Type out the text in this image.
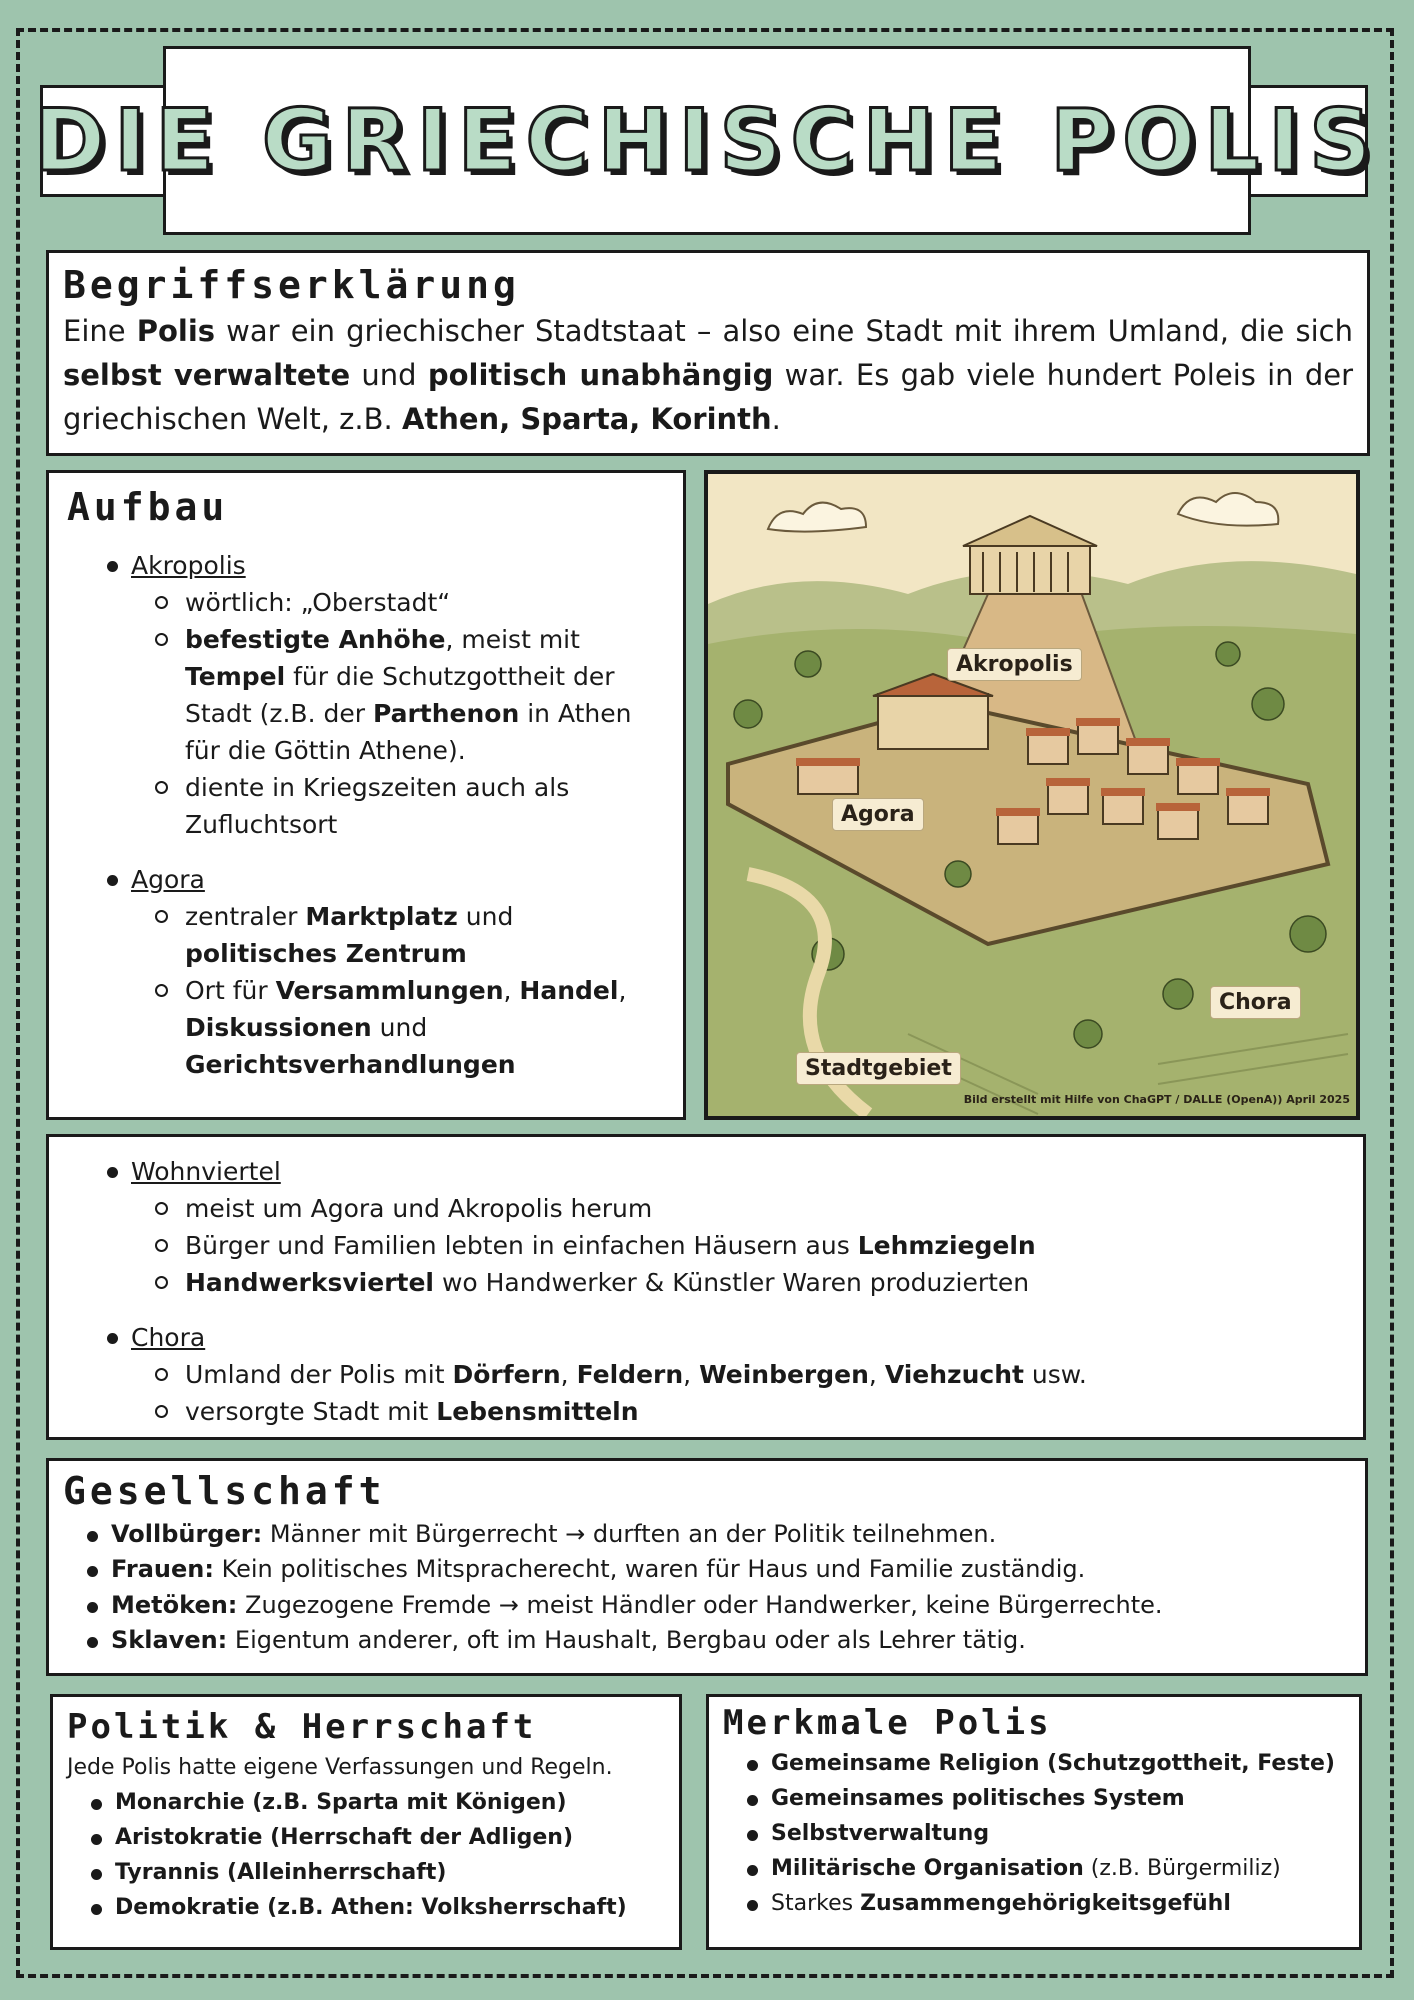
DIE GRIECHISCHE POLIS
Begriffserklärung

Eine Polis war ein griechischer Stadtstaat – also eine Stadt mit ihrem Umland, die sich selbst verwaltete und politisch unabhängig war. Es gab viele hundert Poleis in der griechischen Welt, z.B. Athen, Sparta, Korinth.

Aufbau
Akropolis
wörtlich: „Oberstadt“
befestigte Anhöhe, meist mit Tempel für die Schutzgottheit der Stadt (z.B. der Parthenon in Athen für die Göttin Athene).
diente in Kriegszeiten auch als Zufluchtsort
Agora
zentraler Marktplatz und politisches Zentrum
Ort für Versammlungen, Handel, Diskussionen und Gerichtsverhandlungen
Akropolis
Agora
Chora
Stadtgebiet
Bild erstellt mit Hilfe von ChaGPT / DALLE (OpenA)) April 2025
Wohnviertel
meist um Agora und Akropolis herum
Bürger und Familien lebten in einfachen Häusern aus Lehmziegeln
Handwerksviertel wo Handwerker & Künstler Waren produzierten
Chora
Umland der Polis mit Dörfern, Feldern, Weinbergen, Viehzucht usw.
versorgte Stadt mit Lebensmitteln
Gesellschaft
Vollbürger: Männer mit Bürgerrecht → durften an der Politik teilnehmen.
Frauen: Kein politisches Mitspracherecht, waren für Haus und Familie zuständig.
Metöken: Zugezogene Fremde → meist Händler oder Handwerker, keine Bürgerrechte.
Sklaven: Eigentum anderer, oft im Haushalt, Bergbau oder als Lehrer tätig.
Politik & Herrschaft
Jede Polis hatte eigene Verfassungen und Regeln.
Monarchie (z.B. Sparta mit Königen)
Aristokratie (Herrschaft der Adligen)
Tyrannis (Alleinherrschaft)
Demokratie (z.B. Athen: Volksherrschaft)
Merkmale Polis
Gemeinsame Religion (Schutzgottheit, Feste)
Gemeinsames politisches System
Selbstverwaltung
Militärische Organisation (z.B. Bürgermiliz)
Starkes Zusammengehörigkeitsgefühl
